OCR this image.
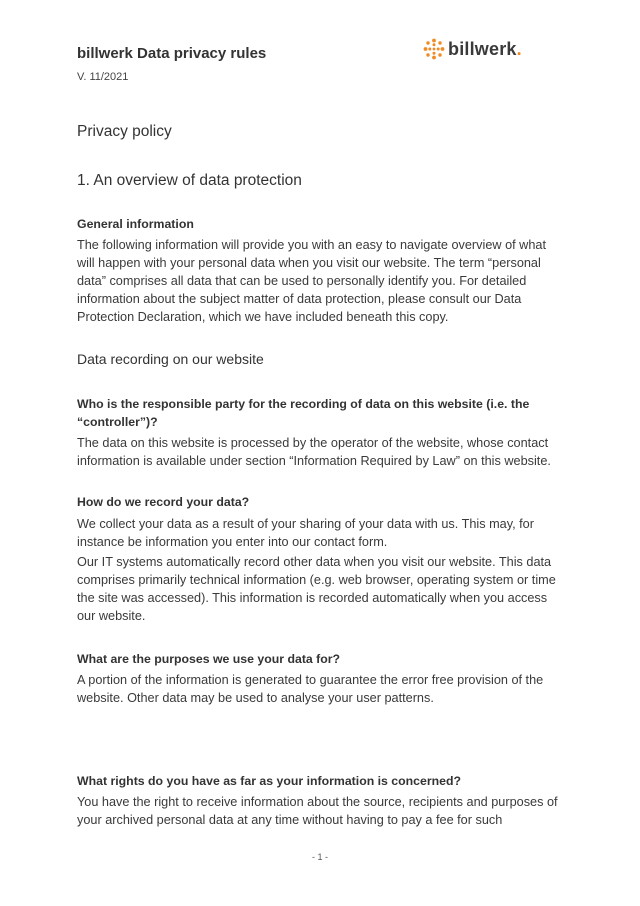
billwerk Data privacy rules
V. 11/2021
billwerk.
Privacy policy
1. An overview of data protection
General information
The following information will provide you with an easy to navigate overview of what will happen with your personal data when you visit our website. The term “personal data” comprises all data that can be used to personally identify you. For detailed information about the subject matter of data protection, please consult our Data Protection Declaration, which we have included beneath this copy.
Data recording on our website
Who is the responsible party for the recording of data on this website (i.e. the “controller”)?
The data on this website is processed by the operator of the website, whose contact information is available under section “Information Required by Law” on this website.
How do we record your data?
We collect your data as a result of your sharing of your data with us. This may, for instance be information you enter into our contact form.
Our IT systems automatically record other data when you visit our website. This data comprises primarily technical information (e.g. web browser, operating system or time the site was accessed). This information is recorded automatically when you access our website.
What are the purposes we use your data for?
A portion of the information is generated to guarantee the error free provision of the website. Other data may be used to analyse your user patterns.
What rights do you have as far as your information is concerned?
You have the right to receive information about the source, recipients and purposes of your archived personal data at any time without having to pay a fee for such
- 1 -
